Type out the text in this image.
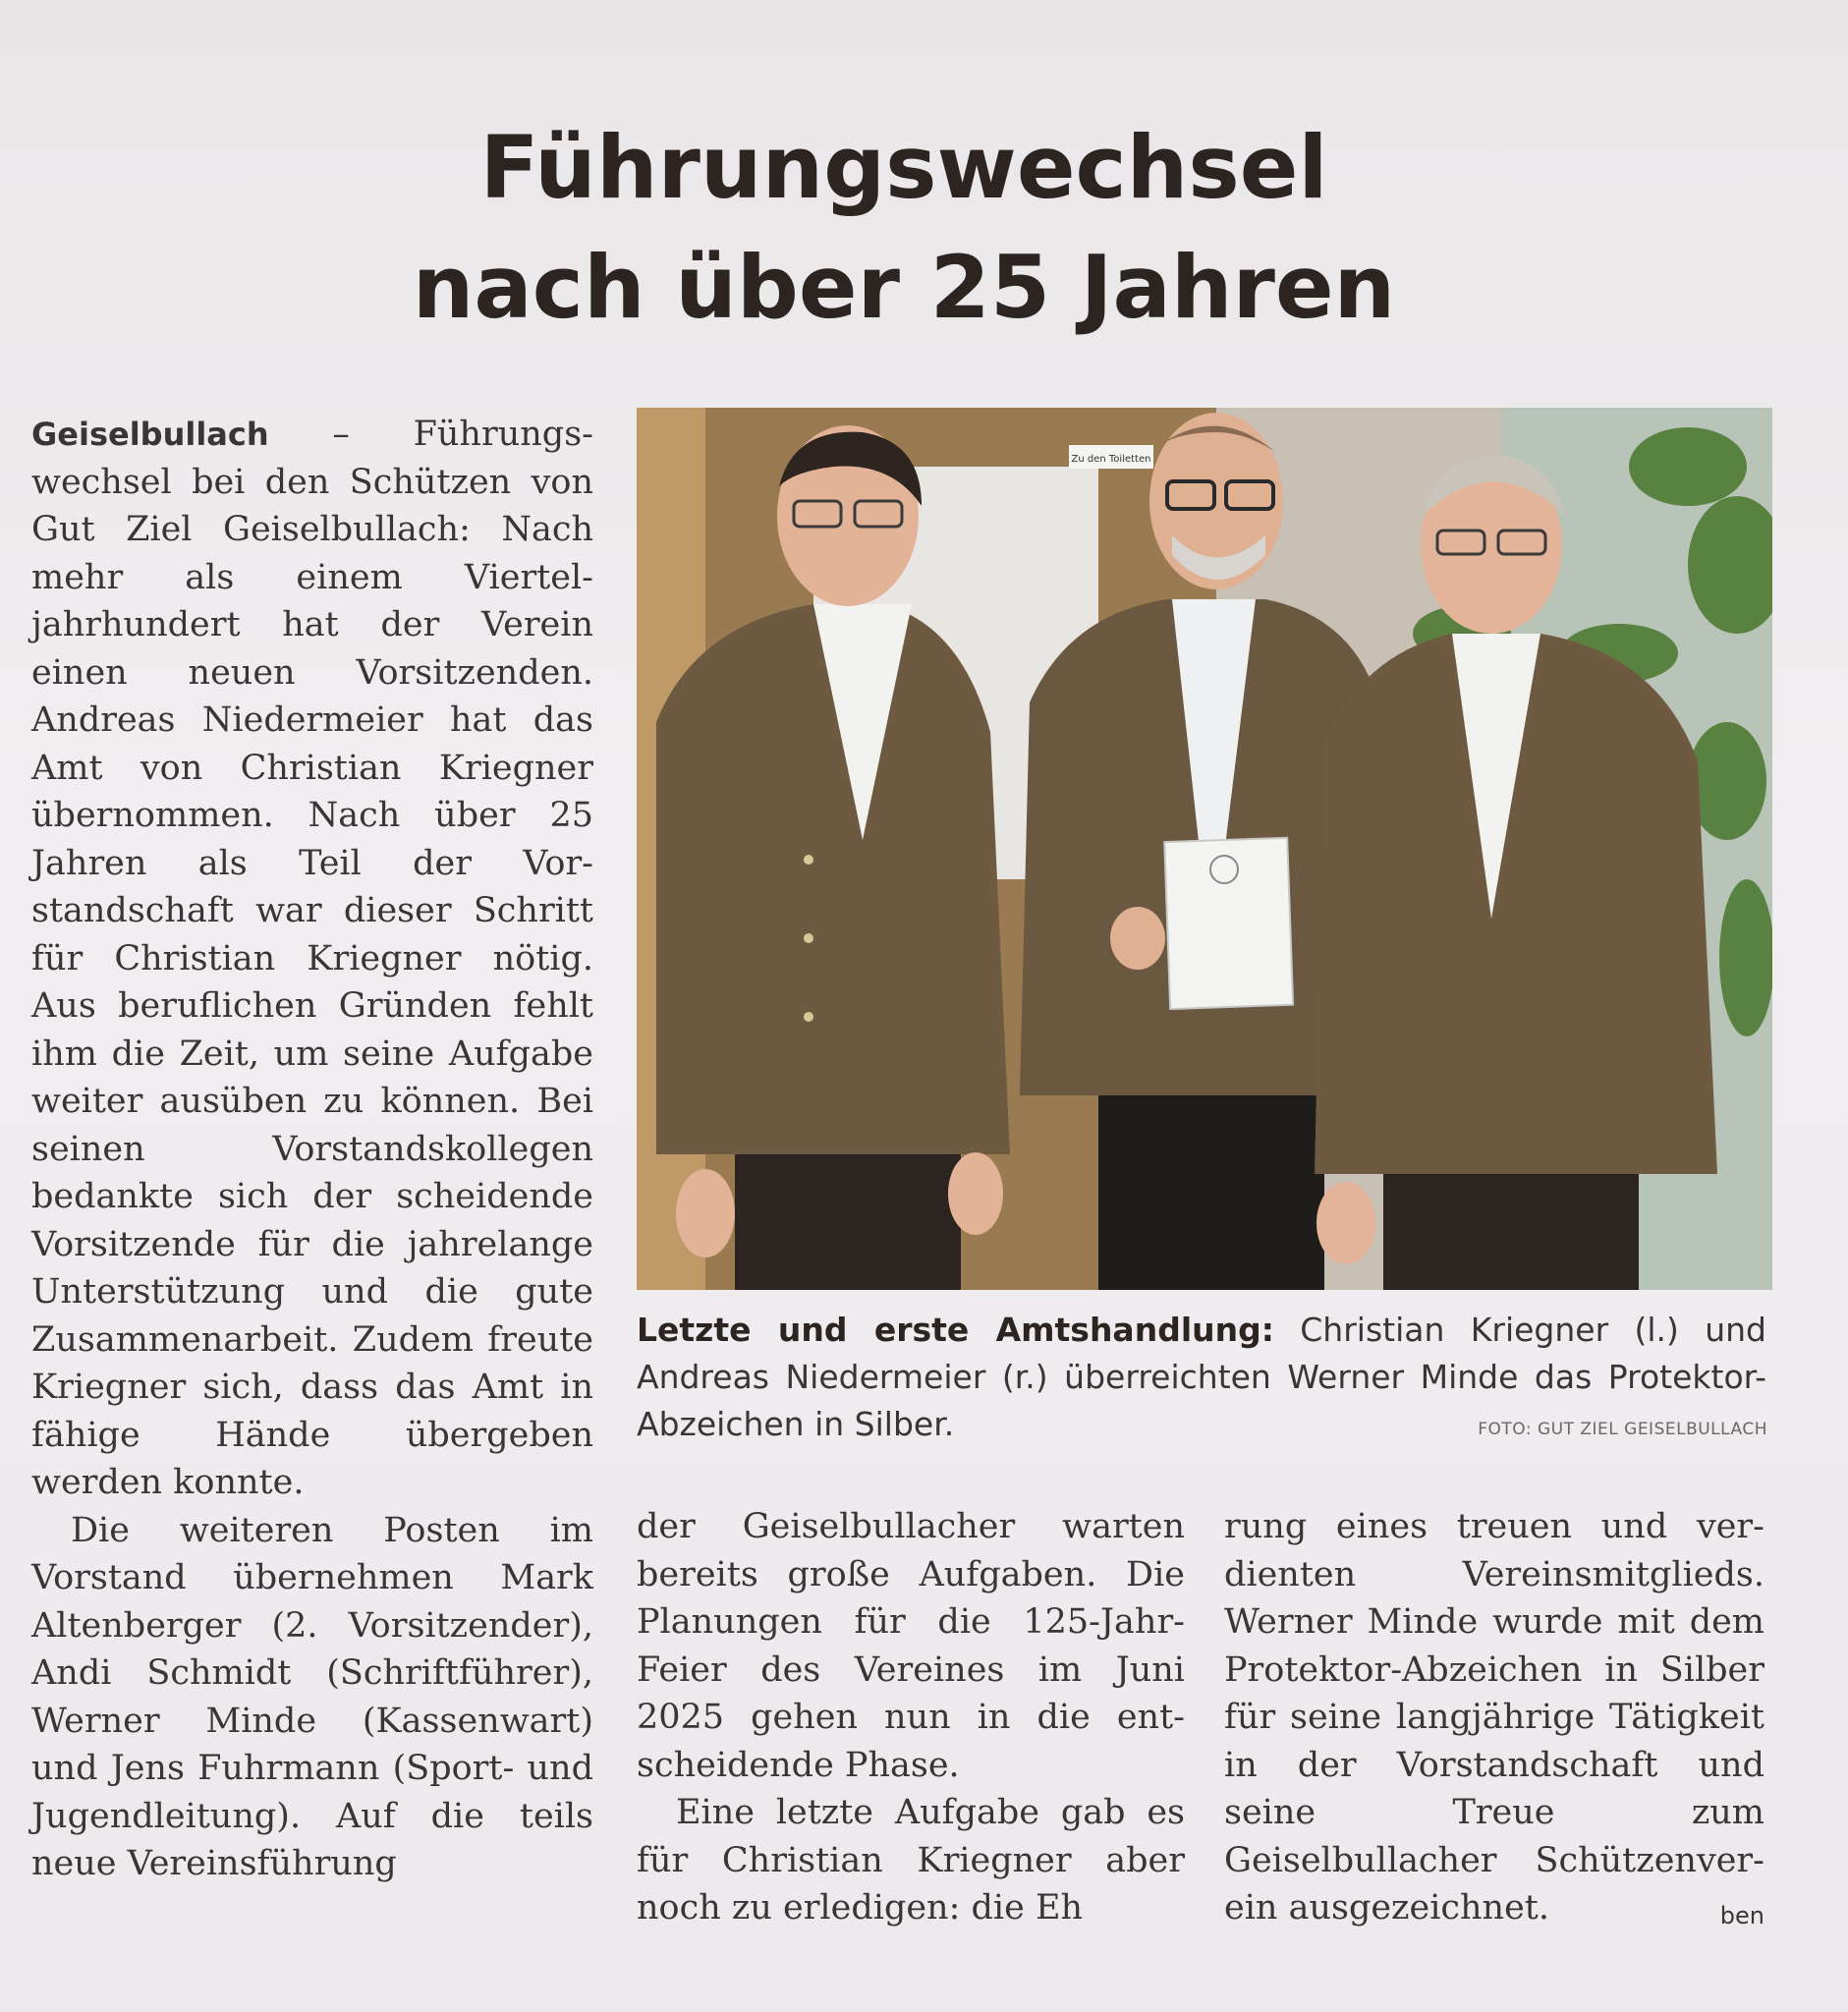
Führungswechsel
nach über 25 Jahren

Geiselbullach – Führungswechsel bei den Schützen von Gut Ziel Geiselbullach: Nach mehr als einem Vierteljahrhundert hat der Verein einen neuen Vorsitzenden. Andreas Niedermeier hat das Amt von Christian Kriegner übernommen. Nach über 25 Jahren als Teil der Vorstandschaft war dieser Schritt für Christian Kriegner nötig. Aus beruflichen Gründen fehlt ihm die Zeit, um seine Aufgabe weiter ausüben zu können. Bei seinen Vorstandskollegen bedankte sich der scheidende Vorsitzende für die jahrelange Unterstützung und die gute Zusammenarbeit. Zudem freute Kriegner sich, dass das Amt in fähige Hände übergeben werden konnte.

Die weiteren Posten im Vorstand übernehmen Mark Altenberger (2. Vorsitzender), Andi Schmidt (Schriftführer), Werner Minde (Kassenwart) und Jens Fuhrmann (Sport- und Jugendleitung). Auf die teils neue Vereinsführung

Zu den Toiletten
Letzte und erste Amtshandlung: Christian Kriegner (l.) und Andreas Niedermeier (r.) überreichten Werner Minde das Protektor-Abzeichen in Silber.	FOTO: GUT ZIEL GEISELBULLACH

der Geiselbullacher warten bereits große Aufgaben. Die Planungen für die 125-Jahr-Feier des Vereines im Juni 2025 gehen nun in die entscheidende Phase.

Eine letzte Aufgabe gab es für Christian Kriegner aber noch zu erledigen: die Eh

rung eines treuen und verdienten Vereinsmitglieds. Werner Minde wurde mit dem Protektor-Abzeichen in Silber für seine langjährige Tätigkeit in der Vorstandschaft und seine Treue zum Geiselbullacher Schützenverein ausgezeichnet.	ben
